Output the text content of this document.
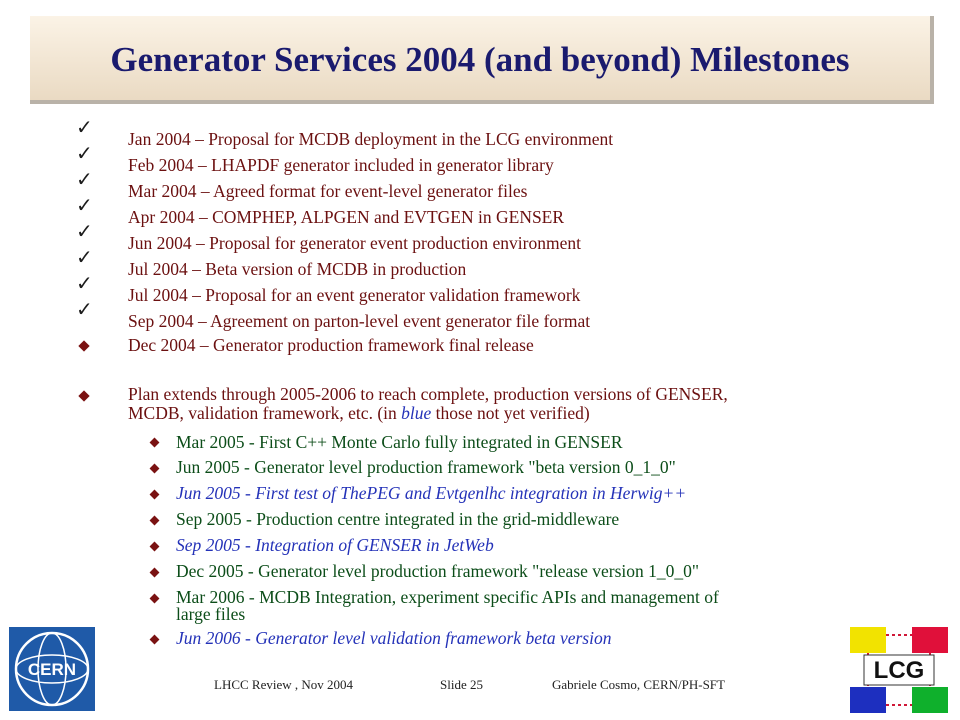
Generator Services 2004 (and beyond) Milestones
✓ Jan 2004 – Proposal for MCDB deployment in the LCG environment
✓ Feb 2004 – LHAPDF generator included in generator library
✓ Mar 2004 – Agreed format for event-level generator files
✓ Apr 2004 – COMPHEP, ALPGEN and EVTGEN in GENSER
✓ Jun 2004 – Proposal for generator event production environment
✓ Jul 2004 – Beta version of MCDB in production
✓ Jul 2004 – Proposal for an event generator validation framework
✓ Sep 2004 – Agreement on parton-level event generator file format
Dec 2004 – Generator production framework final release
Plan extends through 2005-2006 to reach complete, production versions of GENSER,
MCDB, validation framework, etc. (in blue those not yet verified)
Mar 2005 - First C++ Monte Carlo fully integrated in GENSER
Jun 2005 - Generator level production framework "beta version 0_1_0"
Jun 2005 - First test of ThePEG and Evtgenlhc integration in Herwig++
Sep 2005 - Production centre integrated in the grid-middleware
Sep 2005 - Integration of GENSER in JetWeb
Dec 2005 - Generator level production framework "release version 1_0_0"
Mar 2006 - MCDB Integration, experiment specific APIs and management of
large files
Jun 2006 - Generator level validation framework beta version
CERN	LCG
LHCC Review , Nov 2004	Slide 25	Gabriele Cosmo, CERN/PH-SFT
